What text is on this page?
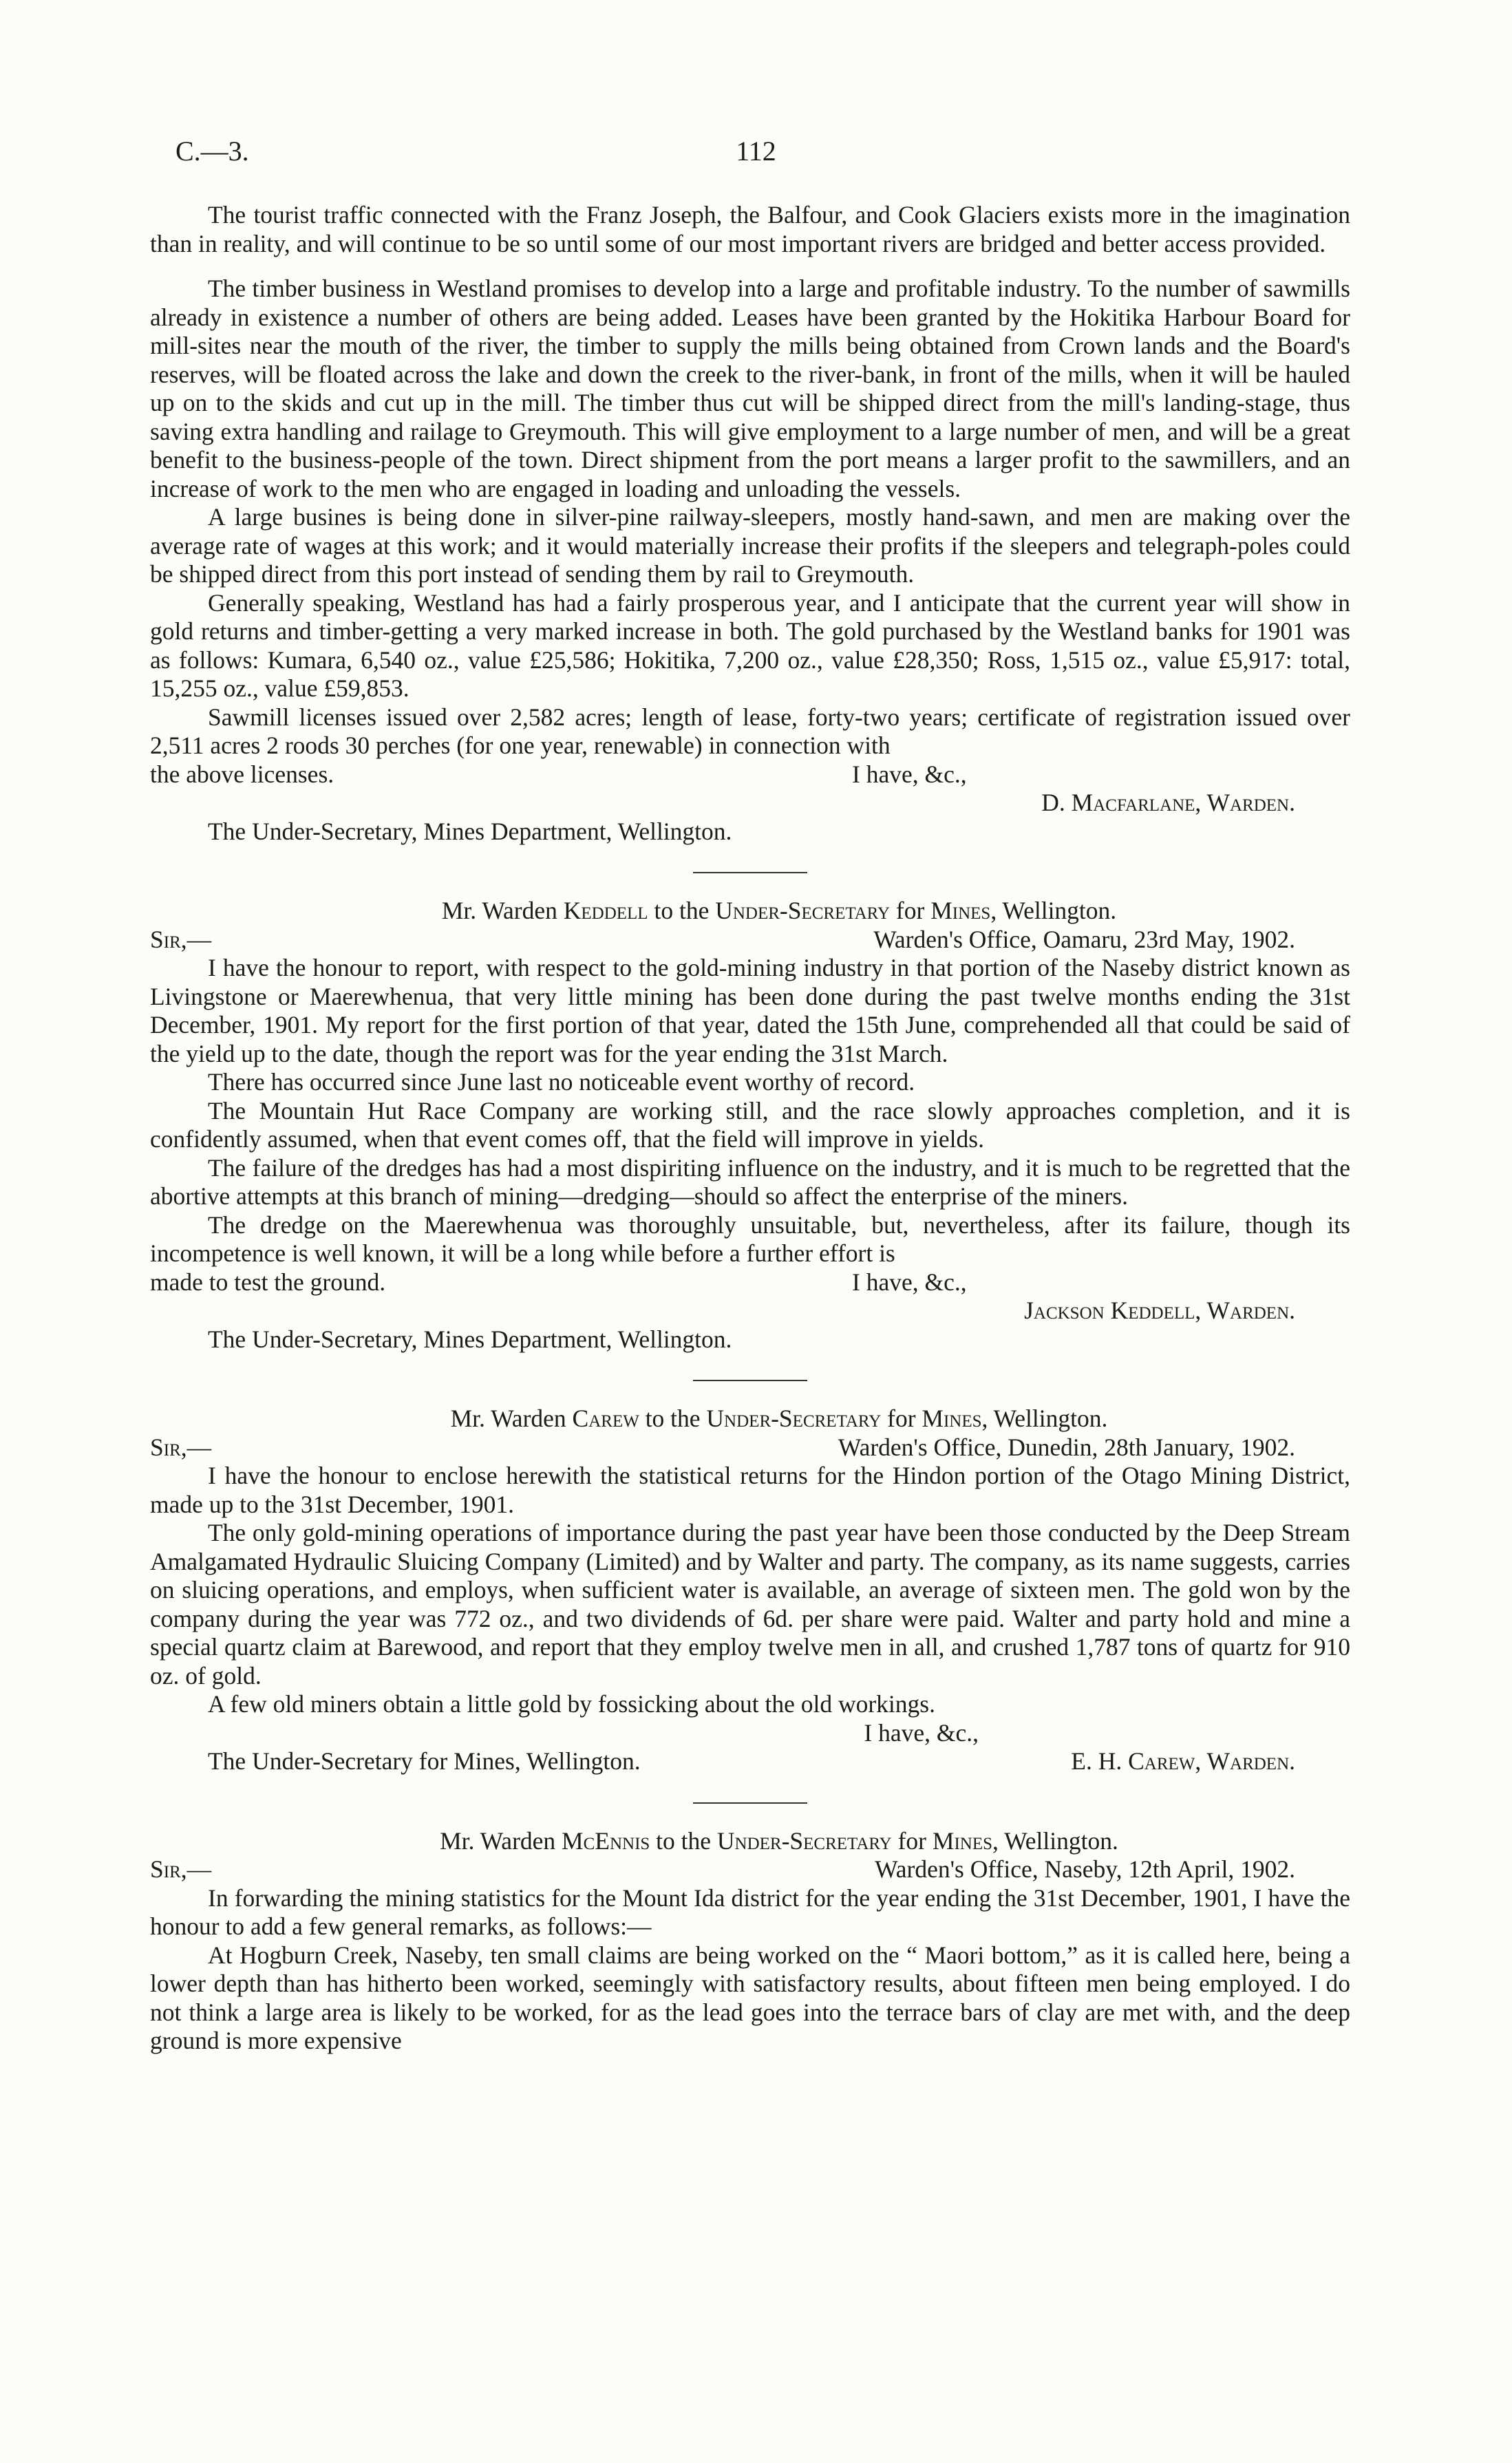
C.—3.	112

The tourist traffic connected with the Franz Joseph, the Balfour, and Cook Glaciers exists more in the imagination than in reality, and will continue to be so until some of our most important rivers are bridged and better access provided.

The timber business in Westland promises to develop into a large and profitable industry. To the number of sawmills already in existence a number of others are being added. Leases have been granted by the Hokitika Harbour Board for mill-sites near the mouth of the river, the timber to supply the mills being obtained from Crown lands and the Board's reserves, will be floated across the lake and down the creek to the river-bank, in front of the mills, when it will be hauled up on to the skids and cut up in the mill. The timber thus cut will be shipped direct from the mill's landing-stage, thus saving extra handling and railage to Greymouth. This will give employment to a large number of men, and will be a great benefit to the business-people of the town. Direct shipment from the port means a larger profit to the sawmillers, and an increase of work to the men who are engaged in loading and unloading the vessels.

A large busines is being done in silver-pine railway-sleepers, mostly hand-sawn, and men are making over the average rate of wages at this work; and it would materially increase their profits if the sleepers and telegraph-poles could be shipped direct from this port instead of sending them by rail to Greymouth.

Generally speaking, Westland has had a fairly prosperous year, and I anticipate that the current year will show in gold returns and timber-getting a very marked increase in both. The gold purchased by the Westland banks for 1901 was as follows: Kumara, 6,540 oz., value £25,586; Hokitika, 7,200 oz., value £28,350; Ross, 1,515 oz., value £5,917: total, 15,255 oz., value £59,853.

Sawmill licenses issued over 2,582 acres; length of lease, forty-two years; certificate of registration issued over 2,511 acres 2 roods 30 perches (for one year, renewable) in connection with

the above licenses.	I have, &c.,

D. Macfarlane, Warden.

The Under-Secretary, Mines Department, Wellington.

Mr. Warden Keddell to the Under-Secretary for Mines, Wellington.

Sir,—	Warden's Office, Oamaru, 23rd May, 1902.

I have the honour to report, with respect to the gold-mining industry in that portion of the Naseby district known as Livingstone or Maerewhenua, that very little mining has been done during the past twelve months ending the 31st December, 1901. My report for the first portion of that year, dated the 15th June, comprehended all that could be said of the yield up to the date, though the report was for the year ending the 31st March.

There has occurred since June last no noticeable event worthy of record.

The Mountain Hut Race Company are working still, and the race slowly approaches completion, and it is confidently assumed, when that event comes off, that the field will improve in yields.

The failure of the dredges has had a most dispiriting influence on the industry, and it is much to be regretted that the abortive attempts at this branch of mining—dredging—should so affect the enterprise of the miners.

The dredge on the Maerewhenua was thoroughly unsuitable, but, nevertheless, after its failure, though its incompetence is well known, it will be a long while before a further effort is

made to test the ground.	I have, &c.,

Jackson Keddell, Warden.

The Under-Secretary, Mines Department, Wellington.

Mr. Warden Carew to the Under-Secretary for Mines, Wellington.

Sir,—	Warden's Office, Dunedin, 28th January, 1902.

I have the honour to enclose herewith the statistical returns for the Hindon portion of the Otago Mining District, made up to the 31st December, 1901.

The only gold-mining operations of importance during the past year have been those conducted by the Deep Stream Amalgamated Hydraulic Sluicing Company (Limited) and by Walter and party. The company, as its name suggests, carries on sluicing operations, and employs, when sufficient water is available, an average of sixteen men. The gold won by the company during the year was 772 oz., and two dividends of 6d. per share were paid. Walter and party hold and mine a special quartz claim at Barewood, and report that they employ twelve men in all, and crushed 1,787 tons of quartz for 910 oz. of gold.

A few old miners obtain a little gold by fossicking about the old workings.

I have, &c.,

The Under-Secretary for Mines, Wellington.	E. H. Carew, Warden.

Mr. Warden McEnnis to the Under-Secretary for Mines, Wellington.

Sir,—	Warden's Office, Naseby, 12th April, 1902.

In forwarding the mining statistics for the Mount Ida district for the year ending the 31st December, 1901, I have the honour to add a few general remarks, as follows:—

At Hogburn Creek, Naseby, ten small claims are being worked on the “ Maori bottom,” as it is called here, being a lower depth than has hitherto been worked, seemingly with satisfactory results, about fifteen men being employed. I do not think a large area is likely to be worked, for as the lead goes into the terrace bars of clay are met with, and the deep ground is more expensive
